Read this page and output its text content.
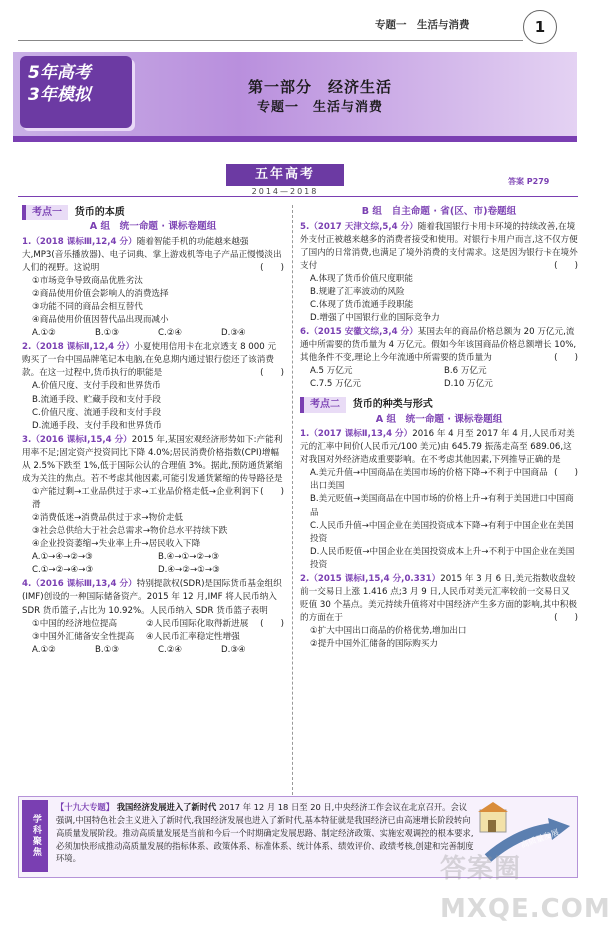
专题一　生活与消费	1
5年高考
3年模拟	第一部分　经济生活
专题一　生活与消费
五年高考
2014—2018
答案 P279
考点一 货币的本质
A 组　统一命题 · 课标卷题组
1.（2018 课标Ⅲ,12,4 分）随着智能手机的功能越来越强大,MP3(音乐播放器)、电子词典、掌上游戏机等电子产品正慢慢淡出人们的视野。这说明	(　　)
①市场竞争导致商品优胜劣汰
②商品使用价值会影响人的消费选择
③功能不同的商品会相互替代
④商品使用价值因替代品出现而减小
A.①②	B.①③	C.②④	D.③④
2.（2018 课标Ⅱ,12,4 分）小夏使用信用卡在北京透支 8 000 元购买了一台中国品牌笔记本电脑,在免息期内通过银行偿还了该消费款。在这一过程中,货币执行的职能是	(　　)
A.价值尺度、支付手段和世界货币
B.流通手段、贮藏手段和支付手段
C.价值尺度、流通手段和支付手段
D.流通手段、支付手段和世界货币
3.（2016 课标Ⅰ,15,4 分）2015 年,某国宏观经济形势如下:产能利用率不足;固定资产投资同比下降 4.0%;居民消费价格指数(CPI)增幅从 2.5%下跌至 1%,低于国际公认的合理值 3%。据此,预防通货紧缩成为关注的焦点。若不考虑其他因素,可能引发通货紧缩的传导路径是
(　　)
①产能过剩→工业品供过于求→工业品价格走低→企业利润下滑
②消费低迷→消费品供过于求→物价走低
③社会总供给大于社会总需求→物价总水平持续下跌
④企业投资萎缩→失业率上升→居民收入下降
A.①→④→②→③	B.④→①→②→③
C.①→②→④→③	D.④→②→①→③
4.（2016 课标Ⅲ,13,4 分）特别提款权(SDR)是国际货币基金组织(IMF)创设的一种国际储备资产。2015 年 12 月,IMF 将人民币纳入 SDR 货币篮子,占比为 10.92%。人民币纳入 SDR 货币篮子表明
(　　)
①中国的经济地位提高	②人民币国际化取得新进展
③中国外汇储备安全性提高	④人民币汇率稳定性增强
A.①②	B.①③	C.②④	D.③④
B 组　自主命题 · 省(区、市)卷题组
5.（2017 天津文综,5,4 分）随着我国银行卡用卡环境的持续改善,在境外支付正被越来越多的消费者接受和使用。对银行卡用户而言,这不仅方便了国内的日常消费,也满足了境外消费的支付需求。这是因为银行卡在境外支付	(　　)
A.体现了货币价值尺度职能
B.规避了汇率波动的风险
C.体现了货币流通手段职能
D.增强了中国银行业的国际竞争力
6.（2015 安徽文综,3,4 分）某国去年的商品价格总额为 20 万亿元,流通中所需要的货币量为 4 万亿元。假如今年该国商品价格总额增长 10%,其他条件不变,理论上今年流通中所需要的货币量为	(　　)
A.5 万亿元	B.6 万亿元
C.7.5 万亿元	D.10 万亿元
考点二 货币的种类与形式
A 组　统一命题 · 课标卷题组
1.（2017 课标Ⅱ,13,4 分）2016 年 4 月至 2017 年 4 月,人民币对美元的汇率中间价(人民币元/100 美元)由 645.79 振荡走高至 689.06,这对我国对外经济造成重要影响。在不考虑其他因素,下列推导正确的是
(　　)
A.美元升值→中国商品在美国市场的价格下降→不利于中国商品出口美国
B.美元贬值→美国商品在中国市场的价格上升→有利于美国进口中国商品
C.人民币升值→中国企业在美国投资成本下降→有利于中国企业在美国投资
D.人民币贬值→中国企业在美国投资成本上升→不利于中国企业在美国投资
2.（2015 课标Ⅰ,15,4 分,0.331）2015 年 3 月 6 日,美元指数收盘较前一交易日上涨 1.416 点;3 月 9 日,人民币对美元汇率较前一交易日又贬值 30 个基点。美元持续升值将对中国经济产生多方面的影响,其中积极的方面在于	(　　)
①扩大中国出口商品的价格优势,增加出口
②提升中国外汇储备的国际购买力
学科聚焦
【十九大专题】 我国经济发展进入了新时代 2017 年 12 月 18 日至 20 日,中央经济工作会议在北京召开。会议强调,中国特色社会主义进入了新时代,我国经济发展也进入了新时代,基本特征就是我国经济已由高速增长阶段转向高质量发展阶段。推动高质量发展是当前和今后一个时期确定发展思路、制定经济政策、实施宏观调控的根本要求,必须加快形成推动高质量发展的指标体系、政策体系、标准体系、统计体系、绩效评价、政绩考核,创建和完善制度环境。
高质量发展
答案圈 MXQE.COM
